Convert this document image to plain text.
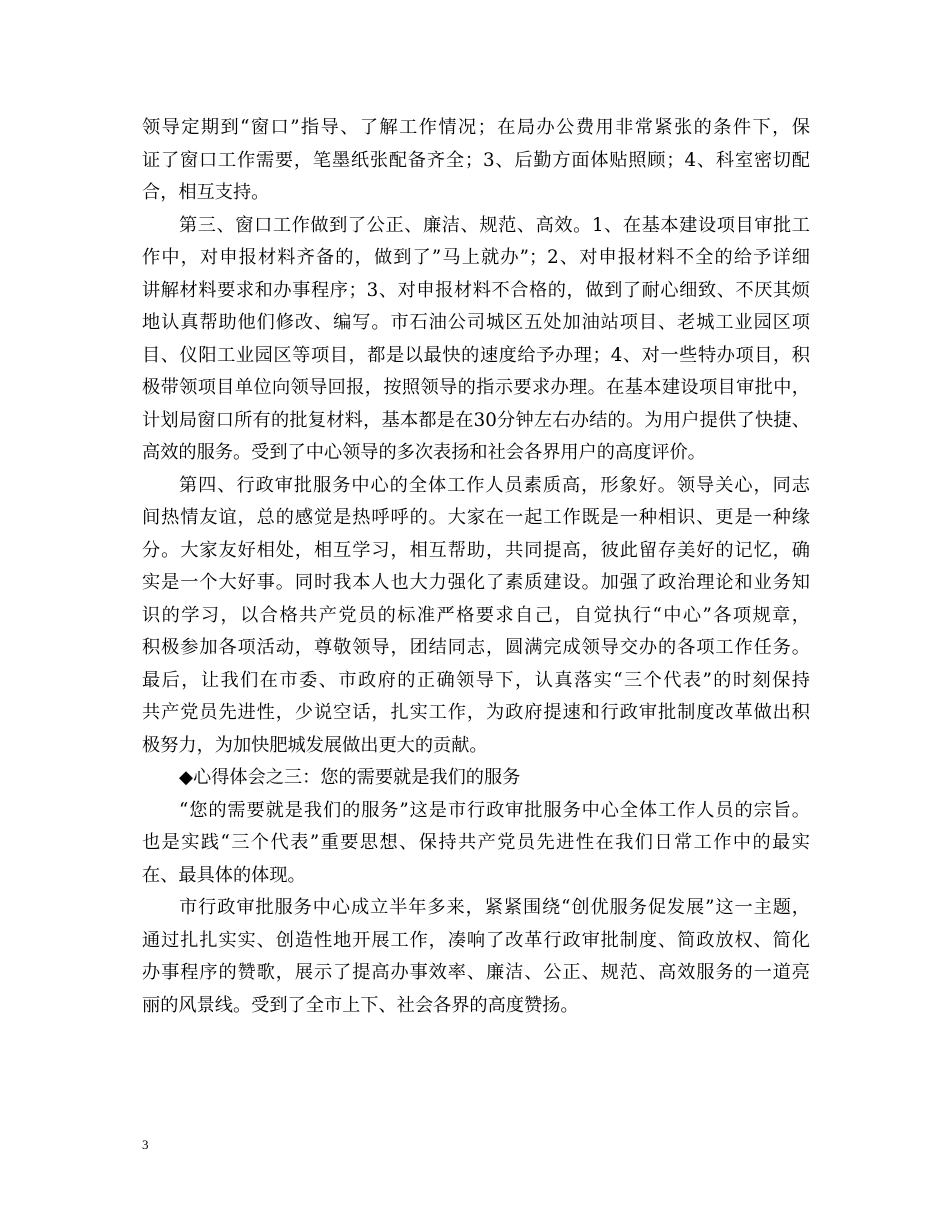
领导定期到“窗口”指导、了解工作情况；在局办公费用非常紧张的条件下，保
证了窗口工作需要，笔墨纸张配备齐全；3、后勤方面体贴照顾；4、科室密切配
合，相互支持。
第三、窗口工作做到了公正、廉洁、规范、高效。1、在基本建设项目审批工
作中，对申报材料齐备的，做到了”马上就办”；2、对申报材料不全的给予详细
讲解材料要求和办事程序；3、对申报材料不合格的，做到了耐心细致、不厌其烦
地认真帮助他们修改、编写。市石油公司城区五处加油站项目、老城工业园区项
目、仪阳工业园区等项目，都是以最快的速度给予办理；4、对一些特办项目，积
极带领项目单位向领导回报，按照领导的指示要求办理。在基本建设项目审批中，
计划局窗口所有的批复材料，基本都是在30分钟左右办结的。为用户提供了快捷、
高效的服务。受到了中心领导的多次表扬和社会各界用户的高度评价。
第四、行政审批服务中心的全体工作人员素质高，形象好。领导关心，同志
间热情友谊，总的感觉是热呼呼的。大家在一起工作既是一种相识、更是一种缘
分。大家友好相处，相互学习，相互帮助，共同提高，彼此留存美好的记忆，确
实是一个大好事。同时我本人也大力强化了素质建设。加强了政治理论和业务知
识的学习，以合格共产党员的标准严格要求自己，自觉执行“中心”各项规章，
积极参加各项活动，尊敬领导，团结同志，圆满完成领导交办的各项工作任务。
最后，让我们在市委、市政府的正确领导下，认真落实“三个代表”的时刻保持
共产党员先进性，少说空话，扎实工作，为政府提速和行政审批制度改革做出积
极努力，为加快肥城发展做出更大的贡献。
◆心得体会之三：您的需要就是我们的服务
“您的需要就是我们的服务”这是市行政审批服务中心全体工作人员的宗旨。
也是实践“三个代表”重要思想、保持共产党员先进性在我们日常工作中的最实
在、最具体的体现。
市行政审批服务中心成立半年多来，紧紧围绕“创优服务促发展”这一主题，
通过扎扎实实、创造性地开展工作，凑响了改革行政审批制度、简政放权、简化
办事程序的赞歌，展示了提高办事效率、廉洁、公正、规范、高效服务的一道亮
丽的风景线。受到了全市上下、社会各界的高度赞扬。
3
